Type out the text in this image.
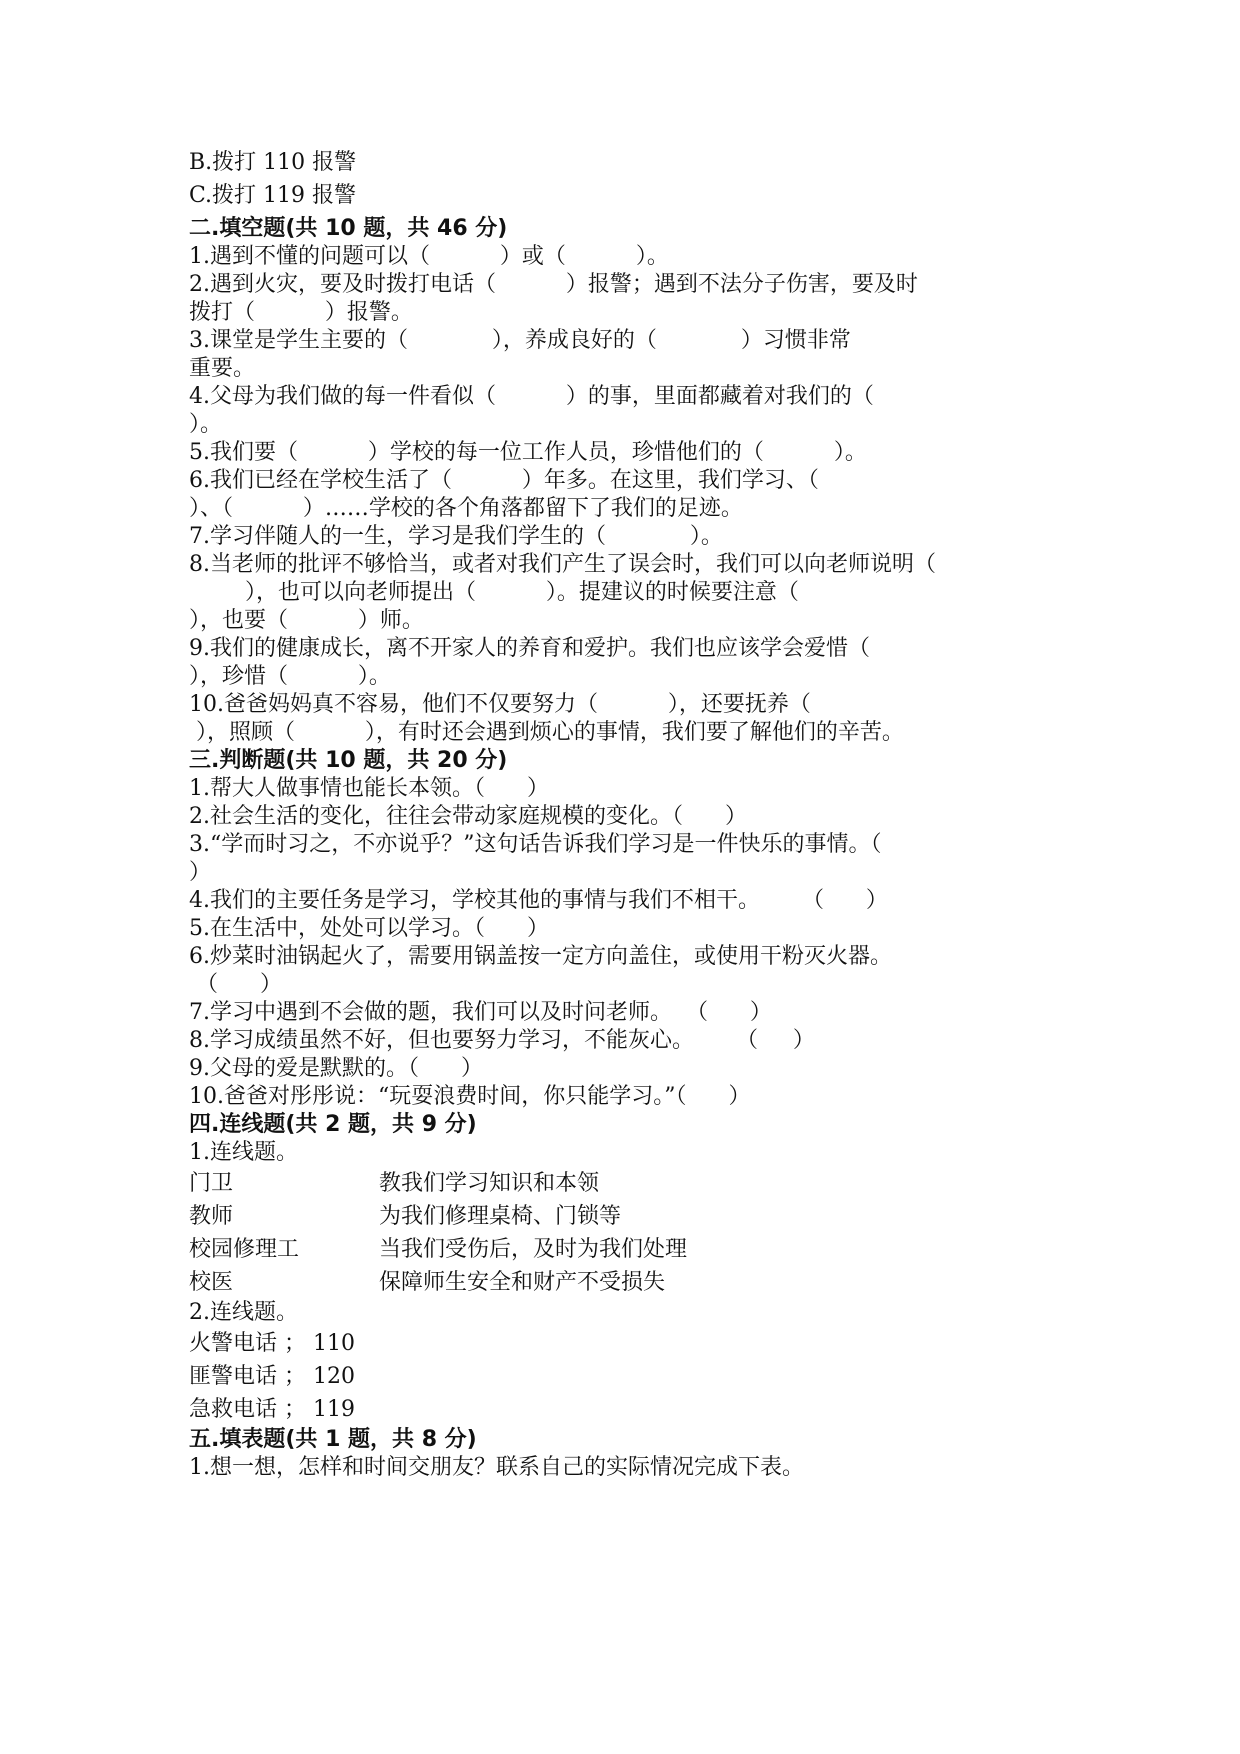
B.拨打 110 报警
C.拨打 119 报警
二.填空题(共 10 题，共 46 分)
1.遇到不懂的问题可以（          ）或（          ）。
2.遇到火灾，要及时拨打电话（          ）报警；遇到不法分子伤害，要及时
拨打（          ）报警。
3.课堂是学生主要的（            ），养成良好的（            ）习惯非常
重要。
4.父母为我们做的每一件看似（          ）的事，里面都藏着对我们的（
）。
5.我们要（          ）学校的每一位工作人员，珍惜他们的（          ）。
6.我们已经在学校生活了（          ）年多。在这里，我们学习、（
）、（          ）……学校的各个角落都留下了我们的足迹。
7.学习伴随人的一生，学习是我们学生的（            ）。
8.当老师的批评不够恰当，或者对我们产生了误会时，我们可以向老师说明（
），也可以向老师提出（          ）。提建议的时候要注意（
），也要（          ）师。
9.我们的健康成长，离不开家人的养育和爱护。我们也应该学会爱惜（
），珍惜（          ）。
10.爸爸妈妈真不容易，他们不仅要努力（          ），还要抚养（
），照顾（          ），有时还会遇到烦心的事情，我们要了解他们的辛苦。
三.判断题(共 10 题，共 20 分)
1.帮大人做事情也能长本领。（      ）
2.社会生活的变化，往往会带动家庭规模的变化。（      ）
3.“学而时习之，不亦说乎？”这句话告诉我们学习是一件快乐的事情。（
）
4.我们的主要任务是学习，学校其他的事情与我们不相干。      （      ）
5.在生活中，处处可以学习。（      ）
6.炒菜时油锅起火了，需要用锅盖按一定方向盖住，或使用干粉灭火器。
（      ）
7.学习中遇到不会做的题，我们可以及时问老师。  （      ）
8.学习成绩虽然不好，但也要努力学习，不能灰心。      （     ）
9.父母的爱是默默的。（      ）
10.爸爸对彤彤说：“玩耍浪费时间，你只能学习。”（      ）
四.连线题(共 2 题，共 9 分)
1.连线题。
门卫	教我们学习知识和本领
教师	为我们修理桌椅、门锁等
校园修理工	当我们受伤后，及时为我们处理
校医	保障师生安全和财产不受损失
2.连线题。
火警电话 ； 110
匪警电话 ； 120
急救电话 ； 119
五.填表题(共 1 题，共 8 分)
1.想一想，怎样和时间交朋友？联系自己的实际情况完成下表。
